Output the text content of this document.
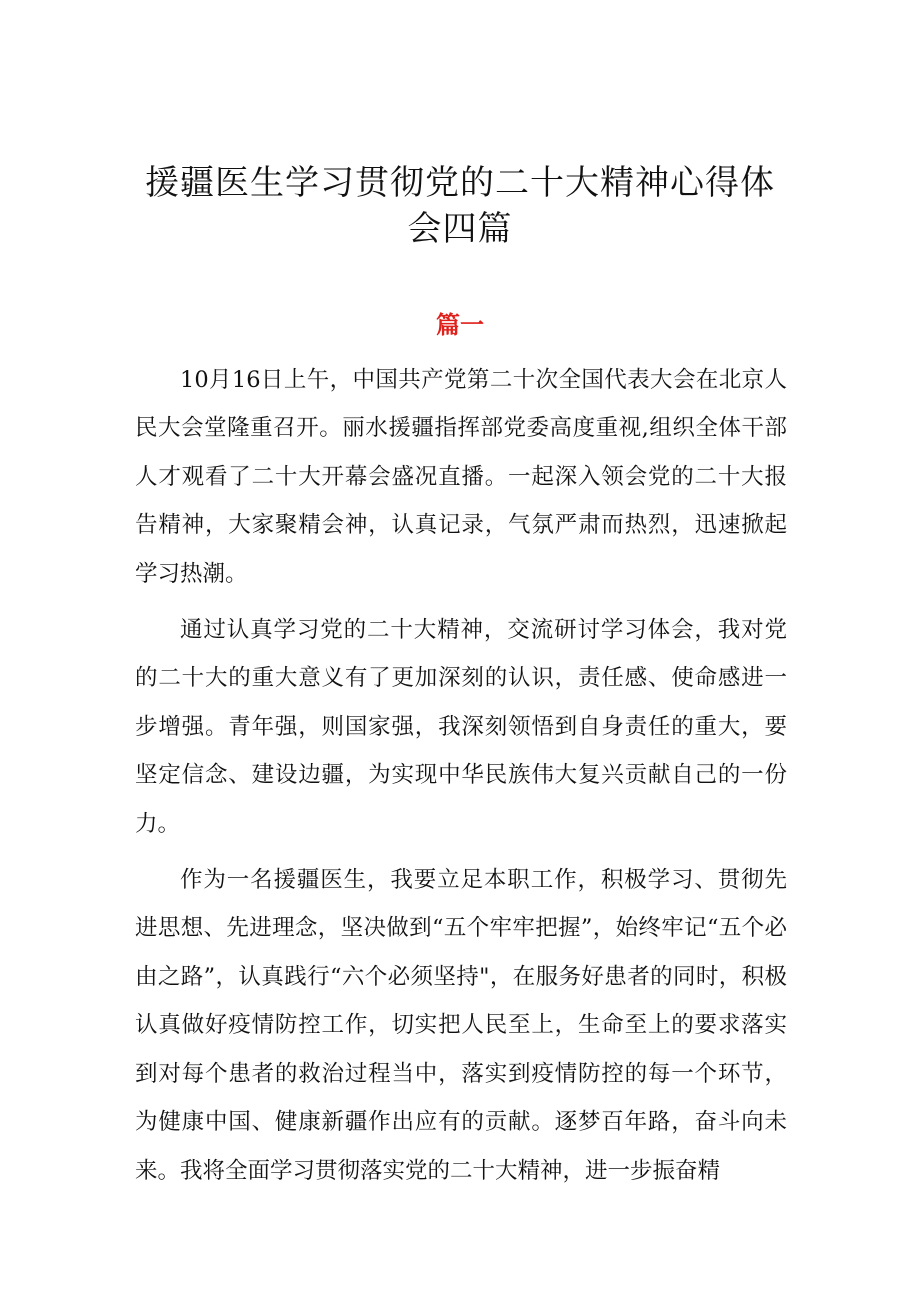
援疆医生学习贯彻党的二十大精神心得体
会四篇
篇一

10月16日上午，中国共产党第二十次全国代表大会在北京人民大会堂隆重召开。丽水援疆指挥部党委高度重视,组织全体干部人才观看了二十大开幕会盛况直播。一起深入领会党的二十大报告精神，大家聚精会神，认真记录，气氛严肃而热烈，迅速掀起学习热潮。

通过认真学习党的二十大精神，交流研讨学习体会，我对党的二十大的重大意义有了更加深刻的认识，责任感、使命感进一步增强。青年强，则国家强，我深刻领悟到自身责任的重大，要坚定信念、建设边疆，为实现中华民族伟大复兴贡献自己的一份力。

作为一名援疆医生，我要立足本职工作，积极学习、贯彻先进思想、先进理念，坚决做到“五个牢牢把握”，始终牢记“五个必由之路”，认真践行“六个必须坚持"，在服务好患者的同时，积极认真做好疫情防控工作，切实把人民至上，生命至上的要求落实到对每个患者的救治过程当中，落实到疫情防控的每一个环节，为健康中国、健康新疆作出应有的贡献。逐梦百年路，奋斗向未来。我将全面学习贯彻落实党的二十大精神，进一步振奋精
